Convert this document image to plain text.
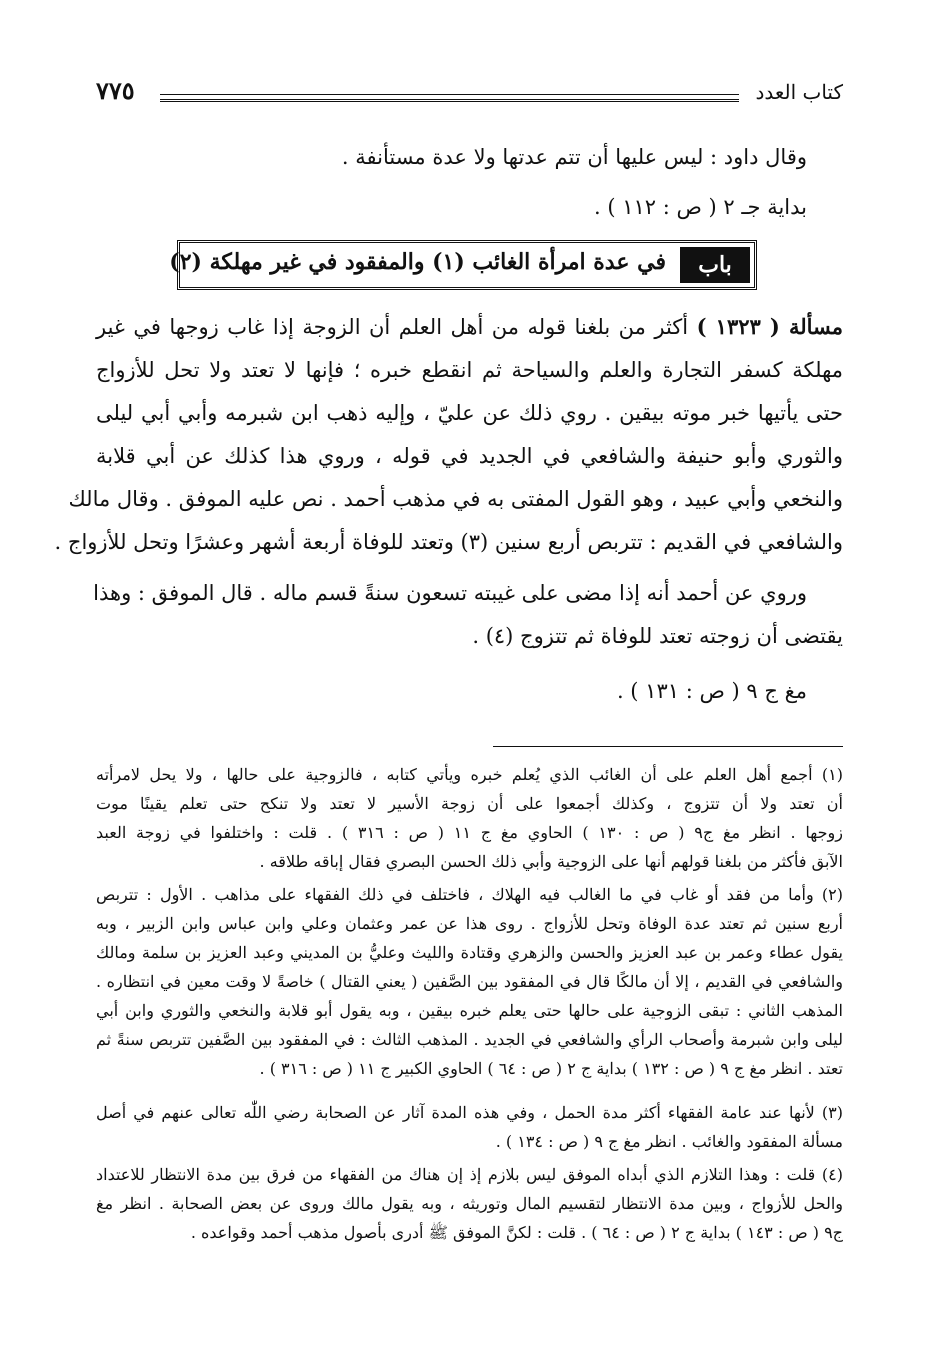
كتاب العدد
٧٧٥
وقال داود : ليس عليها أن تتم عدتها ولا عدة مستأنفة .
بداية جـ ٢ ( ص : ١١٢ ) .
باب
في عدة امرأة الغائب (١) والمفقود في غير مهلكة (٢)
مسألة ( ١٣٢٣ ) أكثر من بلغنا قوله من أهل العلم أن الزوجة إذا غاب زوجها في غير
مهلكة كسفر التجارة والعلم والسياحة ثم انقطع خبره ؛ فإنها لا تعتد ولا تحل للأزواج
حتى يأتيها خبر موته بيقين . روي ذلك عن عليّ ، وإليه ذهب ابن شبرمه وأبي أبي ليلى
والثوري وأبو حنيفة والشافعي في الجديد في قوله ، وروي هذا كذلك عن أبي قلابة
والنخعي وأبي عبيد ، وهو القول المفتى به في مذهب أحمد . نص عليه الموفق . وقال مالك
والشافعي في القديم : تتربص أربع سنين (٣) وتعتد للوفاة أربعة أشهر وعشرًا وتحل للأزواج .
وروي عن أحمد أنه إذا مضى على غيبته تسعون سنةً قسم ماله . قال الموفق : وهذا
يقتضى أن زوجته تعتد للوفاة ثم تتزوج (٤) .
مغ ج ٩ ( ص : ١٣١ ) .
(١) أجمع أهل العلم على أن الغائب الذي يُعلم خبره ويأتي كتابه ، فالزوجية على حالها ، ولا يحل لامرأته
أن تعتد ولا أن تتزوج ، وكذلك أجمعوا على أن زوجة الأسير لا تعتد ولا تنكح حتى تعلم يقينًا موت
زوجها . انظر مغ ج٩ ( ص : ١٣٠ ) الحاوي مغ ج ١١ ( ص : ٣١٦ ) . قلت : واختلفوا في زوجة العبد
الآبق فأكثر من بلغنا قولهم أنها على الزوجية وأبي ذلك الحسن البصري فقال إباقه طلاقه .
(٢) وأما من فقد أو غاب في ما الغالب فيه الهلاك ، فاختلف في ذلك الفقهاء على مذاهب . الأول : تتربص
أربع سنين ثم تعتد عدة الوفاة وتحل للأزواج . روى هذا عن عمر وعثمان وعلي وابن عباس وابن الزبير ، وبه
يقول عطاء وعمر بن عبد العزيز والحسن والزهري وقتادة والليث وعليُّ بن المديني وعبد العزيز بن سلمة ومالك
والشافعي في القديم ، إلا أن مالكًا قال في المفقود بين الصَّفين ( يعني القتال ) خاصةً لا وقت معين في انتظاره .
المذهب الثاني : تبقى الزوجية على حالها حتى يعلم خبره بيقين ، وبه يقول أبو قلابة والنخعي والثوري وابن أبي
ليلى وابن شبرمة وأصحاب الرأي والشافعي في الجديد . المذهب الثالث : في المفقود بين الصَّفين تتربص سنةً ثم
تعتد . انظر مغ ج ٩ ( ص : ١٣٢ ) بداية ج ٢ ( ص : ٦٤ ) الحاوي الكبير ج ١١ ( ص : ٣١٦ ) .
(٣) لأنها عند عامة الفقهاء أكثر مدة الحمل ، وفي هذه المدة آثار عن الصحابة رضي اللّٰه تعالى عنهم في أصل
مسألة المفقود والغائب . انظر مغ ج ٩ ( ص : ١٣٤ ) .
(٤) قلت : وهذا التلازم الذي أبداه الموفق ليس بلازم إذ إن هناك من الفقهاء من فرق بين مدة الانتظار للاعتداد
والحل للأزواج ، وبين مدة الانتظار لتقسيم المال وتوريثه ، وبه يقول مالك وروى عن بعض الصحابة . انظر مغ
ج٩ ( ص : ١٤٣ ) بداية ج ٢ ( ص : ٦٤ ) . قلت : لكنَّ الموفق ﷺ أدرى بأصول مذهب أحمد وقواعده .
